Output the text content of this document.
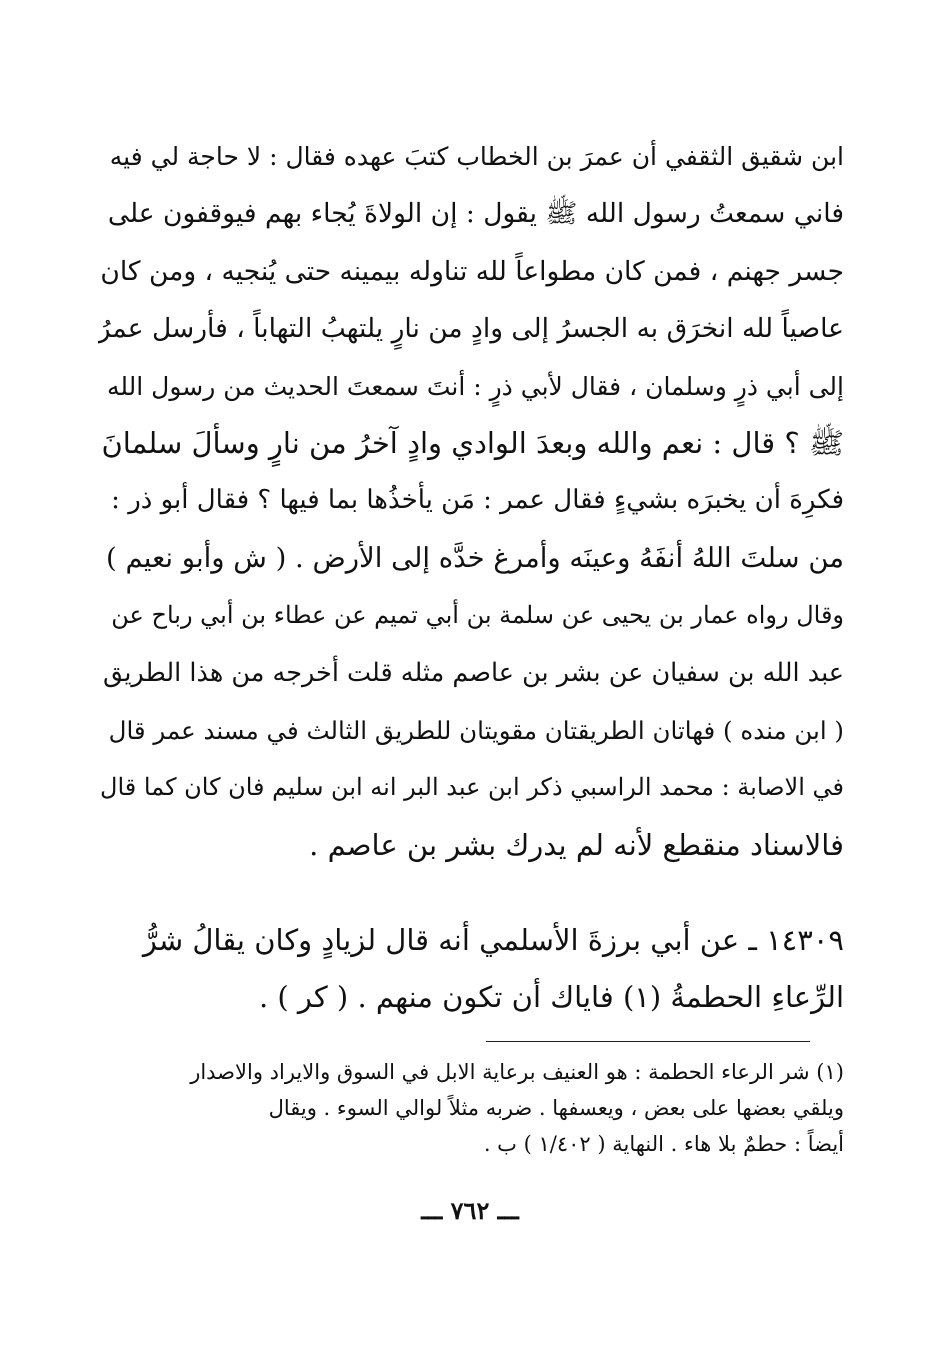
ابن شقيق الثقفي أن عمرَ بن الخطاب كتبَ عهده فقال : لا حاجة لي فيه
فاني سمعتُ رسول الله ﷺ يقول : إن الولاةَ يُجاء بهم فيوقفون على
جسر جهنم ، فمن كان مطواعاً لله تناوله بيمينه حتى يُنجيه ، ومن كان
عاصياً لله انخرَق به الجسرُ إلى وادٍ من نارٍ يلتهبُ التهاباً ، فأرسل عمرُ
إلى أبي ذرٍ وسلمان ، فقال لأبي ذرٍ : أنتَ سمعتَ الحديث من رسول الله
ﷺ ؟ قال : نعم والله وبعدَ الوادي وادٍ آخرُ من نارٍ وسألَ سلمانَ
فكرِهَ أن يخبرَه بشيءٍ فقال عمر : مَن يأخذُها بما فيها ؟ فقال أبو ذر :
من سلتَ اللهُ أنفَهُ وعينَه وأمرغ خدَّه إلى الأرض . ( ش وأبو نعيم )
وقال رواه عمار بن يحيى عن سلمة بن أبي تميم عن عطاء بن أبي رباح عن
عبد الله بن سفيان عن بشر بن عاصم مثله قلت أخرجه من هذا الطريق
( ابن منده ) فهاتان الطريقتان مقويتان للطريق الثالث في مسند عمر قال
في الاصابة : محمد الراسبي ذكر ابن عبد البر انه ابن سليم فان كان كما قال
فالاسناد منقطع لأنه لم يدرك بشر بن عاصم .
١٤٣٠٩ ـ عن أبي برزةَ الأسلمي أنه قال لزيادٍ وكان يقالُ شرُّ
الرِّعاءِ الحطمةُ (١) فاياك أن تكون منهم . ( كر ) .
(١) شر الرعاء الحطمة : هو العنيف برعاية الابل في السوق والايراد والاصدار
ويلقي بعضها على بعض ، ويعسفها . ضربه مثلاً لوالي السوء . ويقال
أيضاً : حطمٌ بلا هاء . النهاية ( ١/٤٠٢ ) ب .
ـــ ٧٦٢ ـــ
